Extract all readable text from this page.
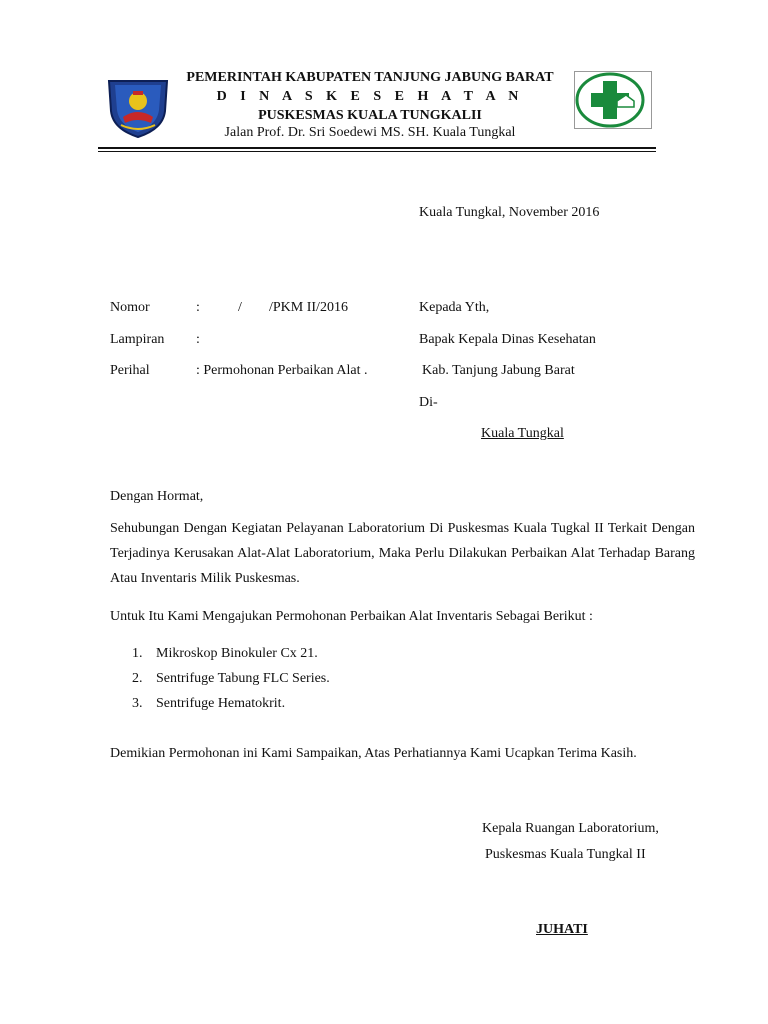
PEMERINTAH KABUPATEN TANJUNG JABUNG BARAT
D I N A S K E S E H A T A N
PUSKESMAS KUALA TUNGKALII
Jalan Prof. Dr. Sri Soedewi MS. SH. Kuala Tungkal
Kuala Tungkal, November 2016
Nomor	:	/ /PKM II/2016
Lampiran :
Perihal	: Permohonan Perbaikan Alat .
Kepada Yth,
Bapak Kepala Dinas Kesehatan
Kab. Tanjung Jabung Barat
Di-
Kuala Tungkal
Dengan Hormat,
Sehubungan Dengan Kegiatan Pelayanan Laboratorium Di Puskesmas Kuala Tugkal II Terkait Dengan Terjadinya Kerusakan Alat-Alat Laboratorium, Maka Perlu Dilakukan Perbaikan Alat Terhadap Barang Atau Inventaris Milik Puskesmas.
Untuk Itu Kami Mengajukan Permohonan Perbaikan Alat Inventaris Sebagai Berikut :
1. Mikroskop Binokuler Cx 21.
2. Sentrifuge Tabung FLC Series.
3. Sentrifuge Hematokrit.
Demikian Permohonan ini Kami Sampaikan, Atas Perhatiannya Kami Ucapkan Terima Kasih.
Kepala Ruangan Laboratorium,
Puskesmas Kuala Tungkal II
JUHATI
